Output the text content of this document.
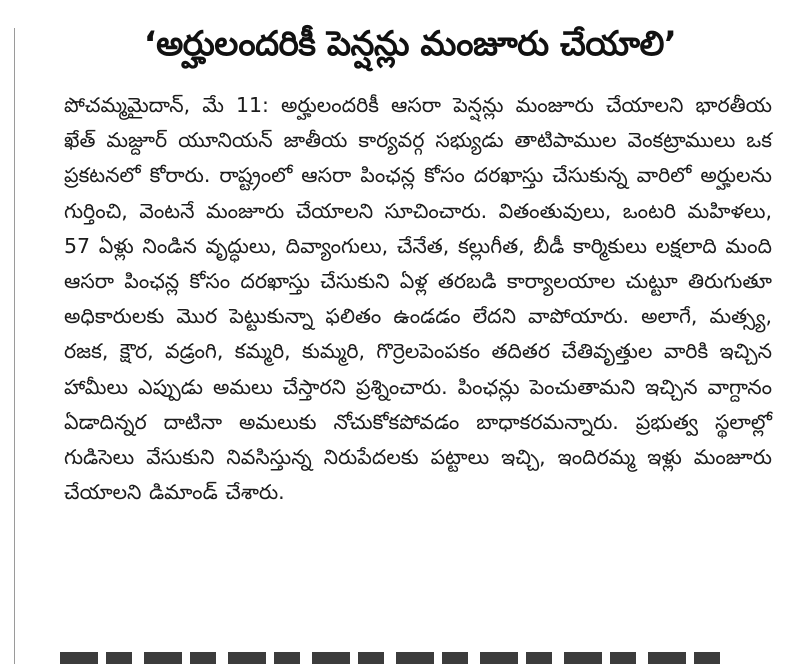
‘అర్హులందరికీ పెన్షన్లు మంజూరు చేయాలి’

పోచమ్మమైదాన్, మే 11: అర్హులందరికీ ఆసరా పెన్షన్లు మంజూరు చేయాలని భారతీయ ఖేత్ మజ్దూర్ యూనియన్ జాతీయ కార్యవర్గ సభ్యుడు తాటిపాముల వెంకట్రాములు ఒక ప్రకటనలో కోరారు. రాష్ట్రంలో ఆసరా పింఛన్ల కోసం దరఖాస్తు చేసుకున్న వారిలో అర్హులను గుర్తించి, వెంటనే మంజూరు చేయాలని సూచించారు. వితంతువులు, ఒంటరి మహిళలు, 57 ఏళ్లు నిండిన వృద్ధులు, దివ్యాంగులు, చేనేత, కల్లుగీత, బీడీ కార్మికులు లక్షలాది మంది ఆసరా పింఛన్ల కోసం దరఖాస్తు చేసుకుని ఏళ్ల తరబడి కార్యాలయాల చుట్టూ తిరుగుతూ అధికారులకు మొర పెట్టుకున్నా ఫలితం ఉండడం లేదని వాపోయారు. అలాగే, మత్స్య, రజక, క్షౌర, వడ్రంగి, కమ్మరి, కుమ్మరి, గొర్రెలపెంపకం తదితర చేతివృత్తుల వారికి ఇచ్చిన హామీలు ఎప్పుడు అమలు చేస్తారని ప్రశ్నించారు. పింఛన్లు పెంచుతామని ఇచ్చిన వాగ్దానం ఏడాదిన్నర దాటినా అమలుకు నోచుకోకపోవడం బాధాకరమన్నారు. ప్రభుత్వ స్థలాల్లో గుడిసెలు వేసుకుని నివసిస్తున్న నిరుపేదలకు పట్టాలు ఇచ్చి, ఇందిరమ్మ ఇళ్లు మంజూరు చేయాలని డిమాండ్ చేశారు.
